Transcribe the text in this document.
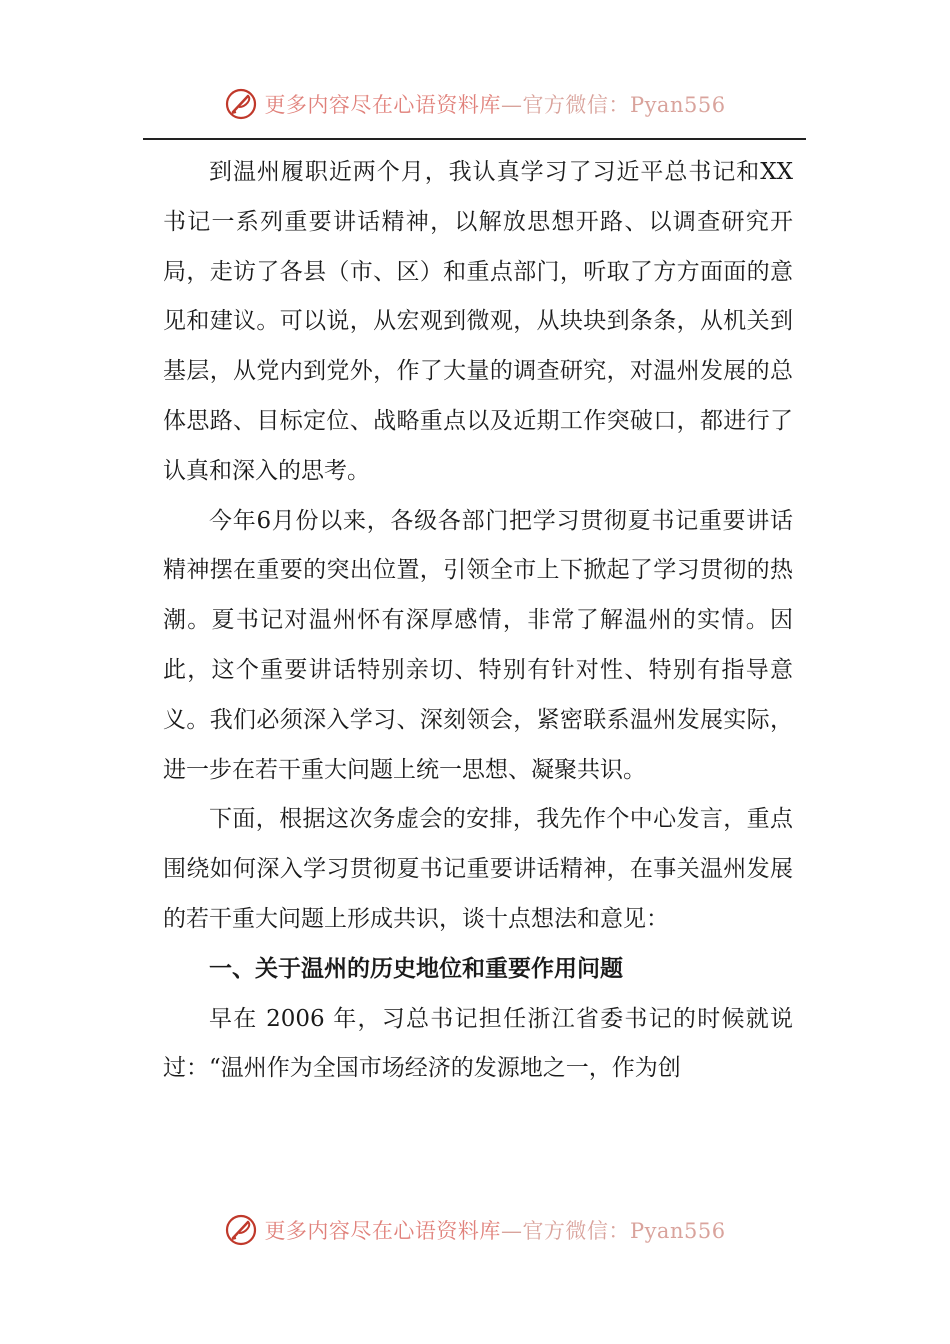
更多内容尽在心语资料库—官方微信：Pyan556

到温州履职近两个月，我认真学习了习近平总书记和XX书记一系列重要讲话精神，以解放思想开路、以调查研究开局，走访了各县（市、区）和重点部门，听取了方方面面的意见和建议。可以说，从宏观到微观，从块块到条条，从机关到基层，从党内到党外，作了大量的调查研究，对温州发展的总体思路、目标定位、战略重点以及近期工作突破口，都进行了认真和深入的思考。

今年6月份以来，各级各部门把学习贯彻夏书记重要讲话精神摆在重要的突出位置，引领全市上下掀起了学习贯彻的热潮。夏书记对温州怀有深厚感情，非常了解温州的实情。因此，这个重要讲话特别亲切、特别有针对性、特别有指导意义。我们必须深入学习、深刻领会，紧密联系温州发展实际，进一步在若干重大问题上统一思想、凝聚共识。

下面，根据这次务虚会的安排，我先作个中心发言，重点围绕如何深入学习贯彻夏书记重要讲话精神，在事关温州发展的若干重大问题上形成共识，谈十点想法和意见：

一、关于温州的历史地位和重要作用问题

早在 2006 年，习总书记担任浙江省委书记的时候就说过：“温州作为全国市场经济的发源地之一，作为创

更多内容尽在心语资料库—官方微信：Pyan556
